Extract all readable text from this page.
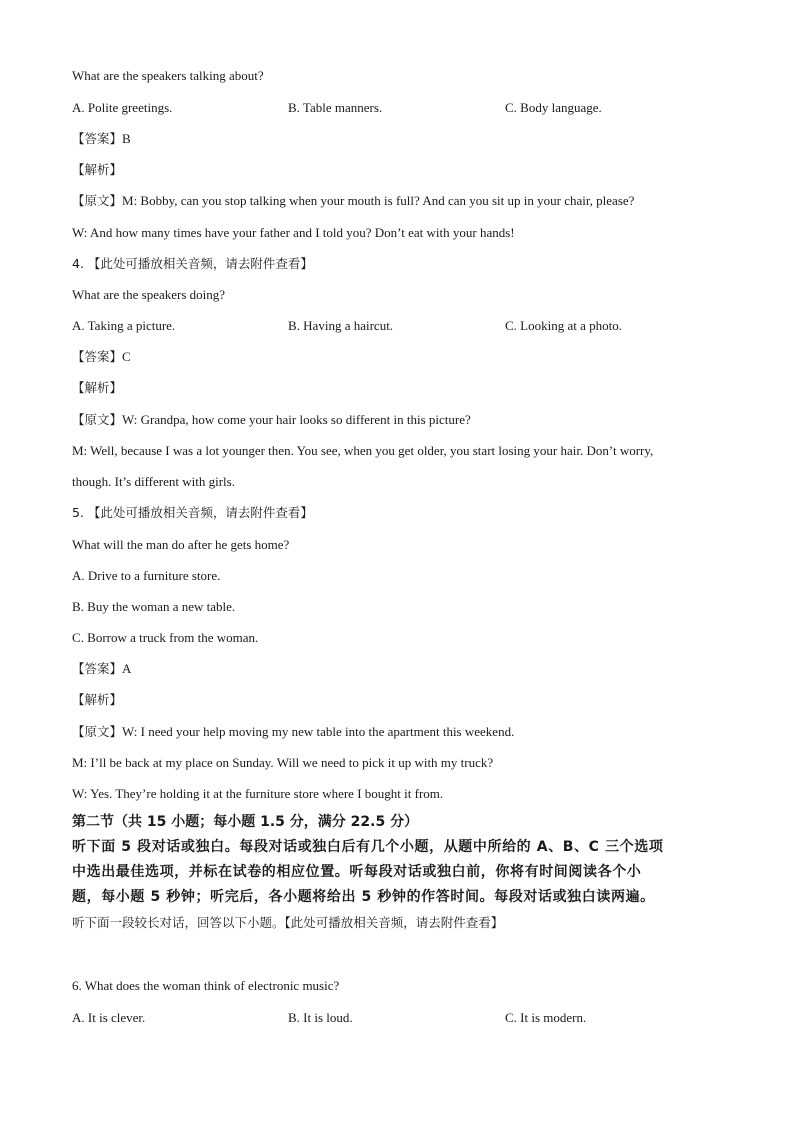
What are the speakers talking about?
A. Polite greetings.	B. Table manners.	C. Body language.
【答案】B
【解析】
【原文】M: Bobby, can you stop talking when your mouth is full? And can you sit up in your chair, please?
W: And how many times have your father and I told you? Don’t eat with your hands!
4. 【此处可播放相关音频，请去附件查看】
What are the speakers doing?
A. Taking a picture.	B. Having a haircut.	C. Looking at a photo.
【答案】C
【解析】
【原文】W: Grandpa, how come your hair looks so different in this picture?
M: Well, because I was a lot younger then. You see, when you get older, you start losing your hair. Don’t worry,
though. It’s different with girls.
5. 【此处可播放相关音频，请去附件查看】
What will the man do after he gets home?
A. Drive to a furniture store.
B. Buy the woman a new table.
C. Borrow a truck from the woman.
【答案】A
【解析】
【原文】W: I need your help moving my new table into the apartment this weekend.
M: I’ll be back at my place on Sunday. Will we need to pick it up with my truck?
W: Yes. They’re holding it at the furniture store where I bought it from.
第二节（共 15 小题；每小题 1.5 分，满分 22.5 分）
听下面 5 段对话或独白。每段对话或独白后有几个小题，从题中所给的 A、B、C 三个选项
中选出最佳选项，并标在试卷的相应位置。听每段对话或独白前，你将有时间阅读各个小
题，每小题 5 秒钟；听完后，各小题将给出 5 秒钟的作答时间。每段对话或独白读两遍。
听下面一段较长对话，回答以下小题。【此处可播放相关音频，请去附件查看】
6. What does the woman think of electronic music?
A. It is clever.	B. It is loud.	C. It is modern.
